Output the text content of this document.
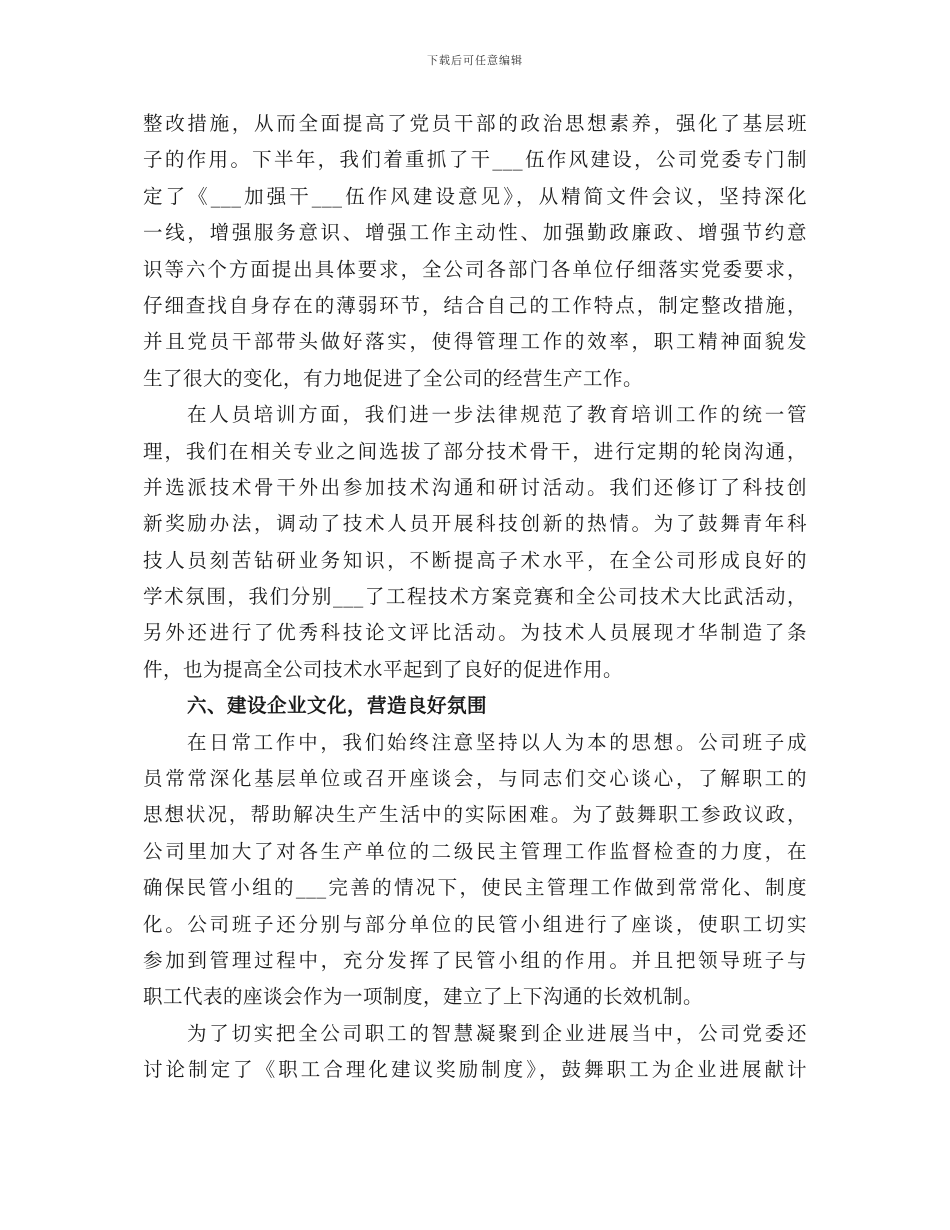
下载后可任意编辑
整改措施，从而全面提高了党员干部的政治思想素养，强化了基层班
子的作用。下半年，我们着重抓了干___伍作风建设，公司党委专门制
定了《___加强干___伍作风建设意见》，从精简文件会议，坚持深化
一线，增强服务意识、增强工作主动性、加强勤政廉政、增强节约意
识等六个方面提出具体要求，全公司各部门各单位仔细落实党委要求，
仔细查找自身存在的薄弱环节，结合自己的工作特点，制定整改措施，
并且党员干部带头做好落实，使得管理工作的效率，职工精神面貌发
生了很大的变化，有力地促进了全公司的经营生产工作。
在人员培训方面，我们进一步法律规范了教育培训工作的统一管
理，我们在相关专业之间选拔了部分技术骨干，进行定期的轮岗沟通，
并选派技术骨干外出参加技术沟通和研讨活动。我们还修订了科技创
新奖励办法，调动了技术人员开展科技创新的热情。为了鼓舞青年科
技人员刻苦钻研业务知识，不断提高子术水平，在全公司形成良好的
学术氛围，我们分别___了工程技术方案竞赛和全公司技术大比武活动，
另外还进行了优秀科技论文评比活动。为技术人员展现才华制造了条
件，也为提高全公司技术水平起到了良好的促进作用。
六、建设企业文化，营造良好氛围
在日常工作中，我们始终注意坚持以人为本的思想。公司班子成
员常常深化基层单位或召开座谈会，与同志们交心谈心，了解职工的
思想状况，帮助解决生产生活中的实际困难。为了鼓舞职工参政议政，
公司里加大了对各生产单位的二级民主管理工作监督检查的力度，在
确保民管小组的___完善的情况下，使民主管理工作做到常常化、制度
化。公司班子还分别与部分单位的民管小组进行了座谈，使职工切实
参加到管理过程中，充分发挥了民管小组的作用。并且把领导班子与
职工代表的座谈会作为一项制度，建立了上下沟通的长效机制。
为了切实把全公司职工的智慧凝聚到企业进展当中，公司党委还
讨论制定了《职工合理化建议奖励制度》，鼓舞职工为企业进展献计
